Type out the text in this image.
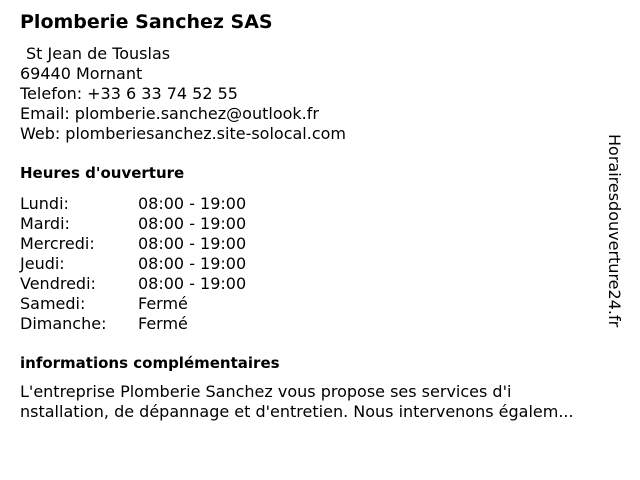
Plomberie Sanchez SAS
St Jean de Touslas
69440 Mornant
Telefon: +33 6 33 74 52 55
Email: plomberie.sanchez@outlook.fr
Web: plomberiesanchez.site-solocal.com
Heures d'ouverture
Lundi:	08:00 - 19:00
Mardi:	08:00 - 19:00
Mercredi:	08:00 - 19:00
Jeudi:	08:00 - 19:00
Vendredi:	08:00 - 19:00
Samedi:	Fermé
Dimanche:	Fermé
informations complémentaires
L'entreprise Plomberie Sanchez vous propose ses services d'i
nstallation, de dépannage et d'entretien. Nous intervenons égalem...
Horairesdouverture24.fr
